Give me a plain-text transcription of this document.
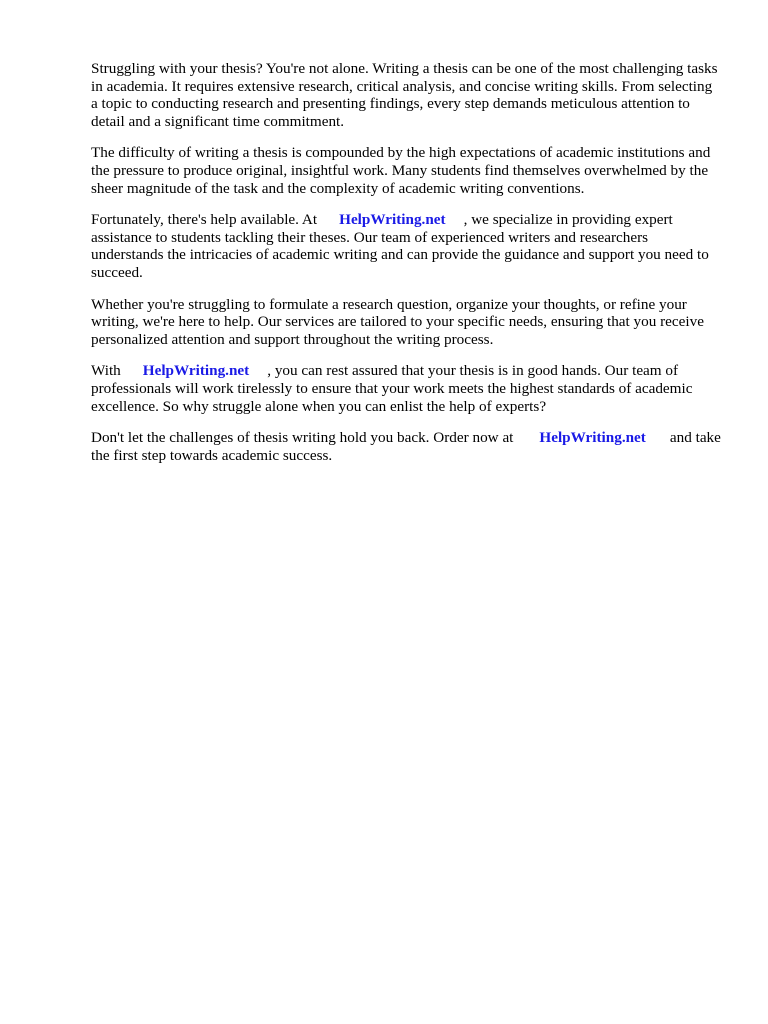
Struggling with your thesis? You're not alone. Writing a thesis can be one of the most challenging tasks in academia. It requires extensive research, critical analysis, and concise writing skills. From selecting a topic to conducting research and presenting findings, every step demands meticulous attention to detail and a significant time commitment.

The difficulty of writing a thesis is compounded by the high expectations of academic institutions and the pressure to produce original, insightful work. Many students find themselves overwhelmed by the sheer magnitude of the task and the complexity of academic writing conventions.

Fortunately, there's help available. At HelpWriting.net , we specialize in providing expert assistance to students tackling their theses. Our team of experienced writers and researchers understands the intricacies of academic writing and can provide the guidance and support you need to succeed.

Whether you're struggling to formulate a research question, organize your thoughts, or refine your writing, we're here to help. Our services are tailored to your specific needs, ensuring that you receive personalized attention and support throughout the writing process.

With HelpWriting.net , you can rest assured that your thesis is in good hands. Our team of professionals will work tirelessly to ensure that your work meets the highest standards of academic excellence. So why struggle alone when you can enlist the help of experts?

Don't let the challenges of thesis writing hold you back. Order now at HelpWriting.net and take the first step towards academic success.
